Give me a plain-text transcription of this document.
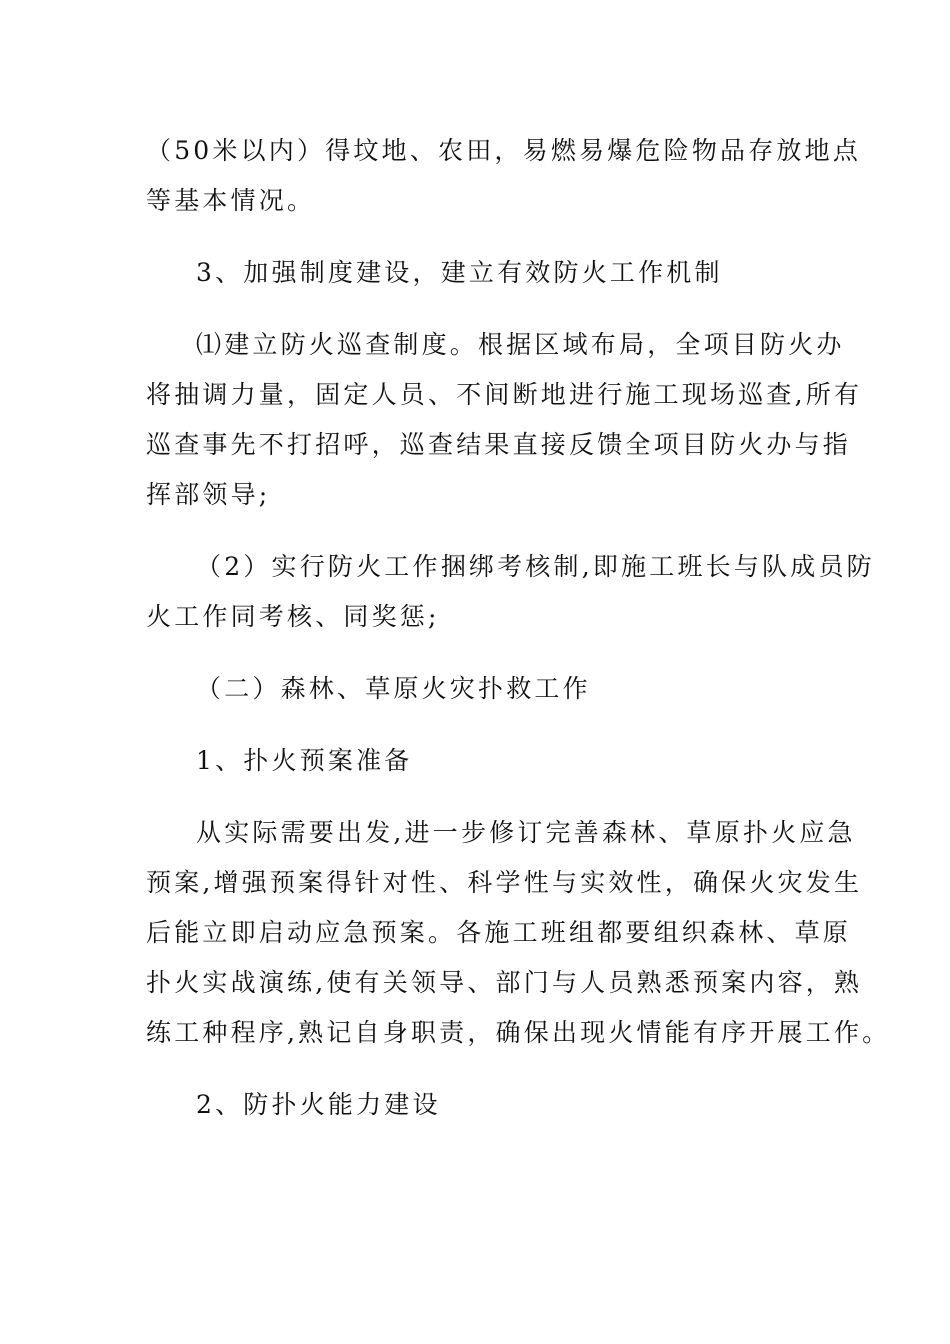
（50米以内）得坟地、农田，易燃易爆危险物品存放地点
等基本情况。
3、加强制度建设，建立有效防火工作机制
⑴建立防火巡查制度。根据区域布局，全项目防火办
将抽调力量，固定人员、不间断地进行施工现场巡查,所有
巡查事先不打招呼，巡查结果直接反馈全项目防火办与指
挥部领导;
（2）实行防火工作捆绑考核制,即施工班长与队成员防
火工作同考核、同奖惩;
（二）森林、草原火灾扑救工作
1、扑火预案准备
从实际需要出发,进一步修订完善森林、草原扑火应急
预案,增强预案得针对性、科学性与实效性，确保火灾发生
后能立即启动应急预案。各施工班组都要组织森林、草原
扑火实战演练,使有关领导、部门与人员熟悉预案内容，熟
练工种程序,熟记自身职责，确保出现火情能有序开展工作。
2、防扑火能力建设
